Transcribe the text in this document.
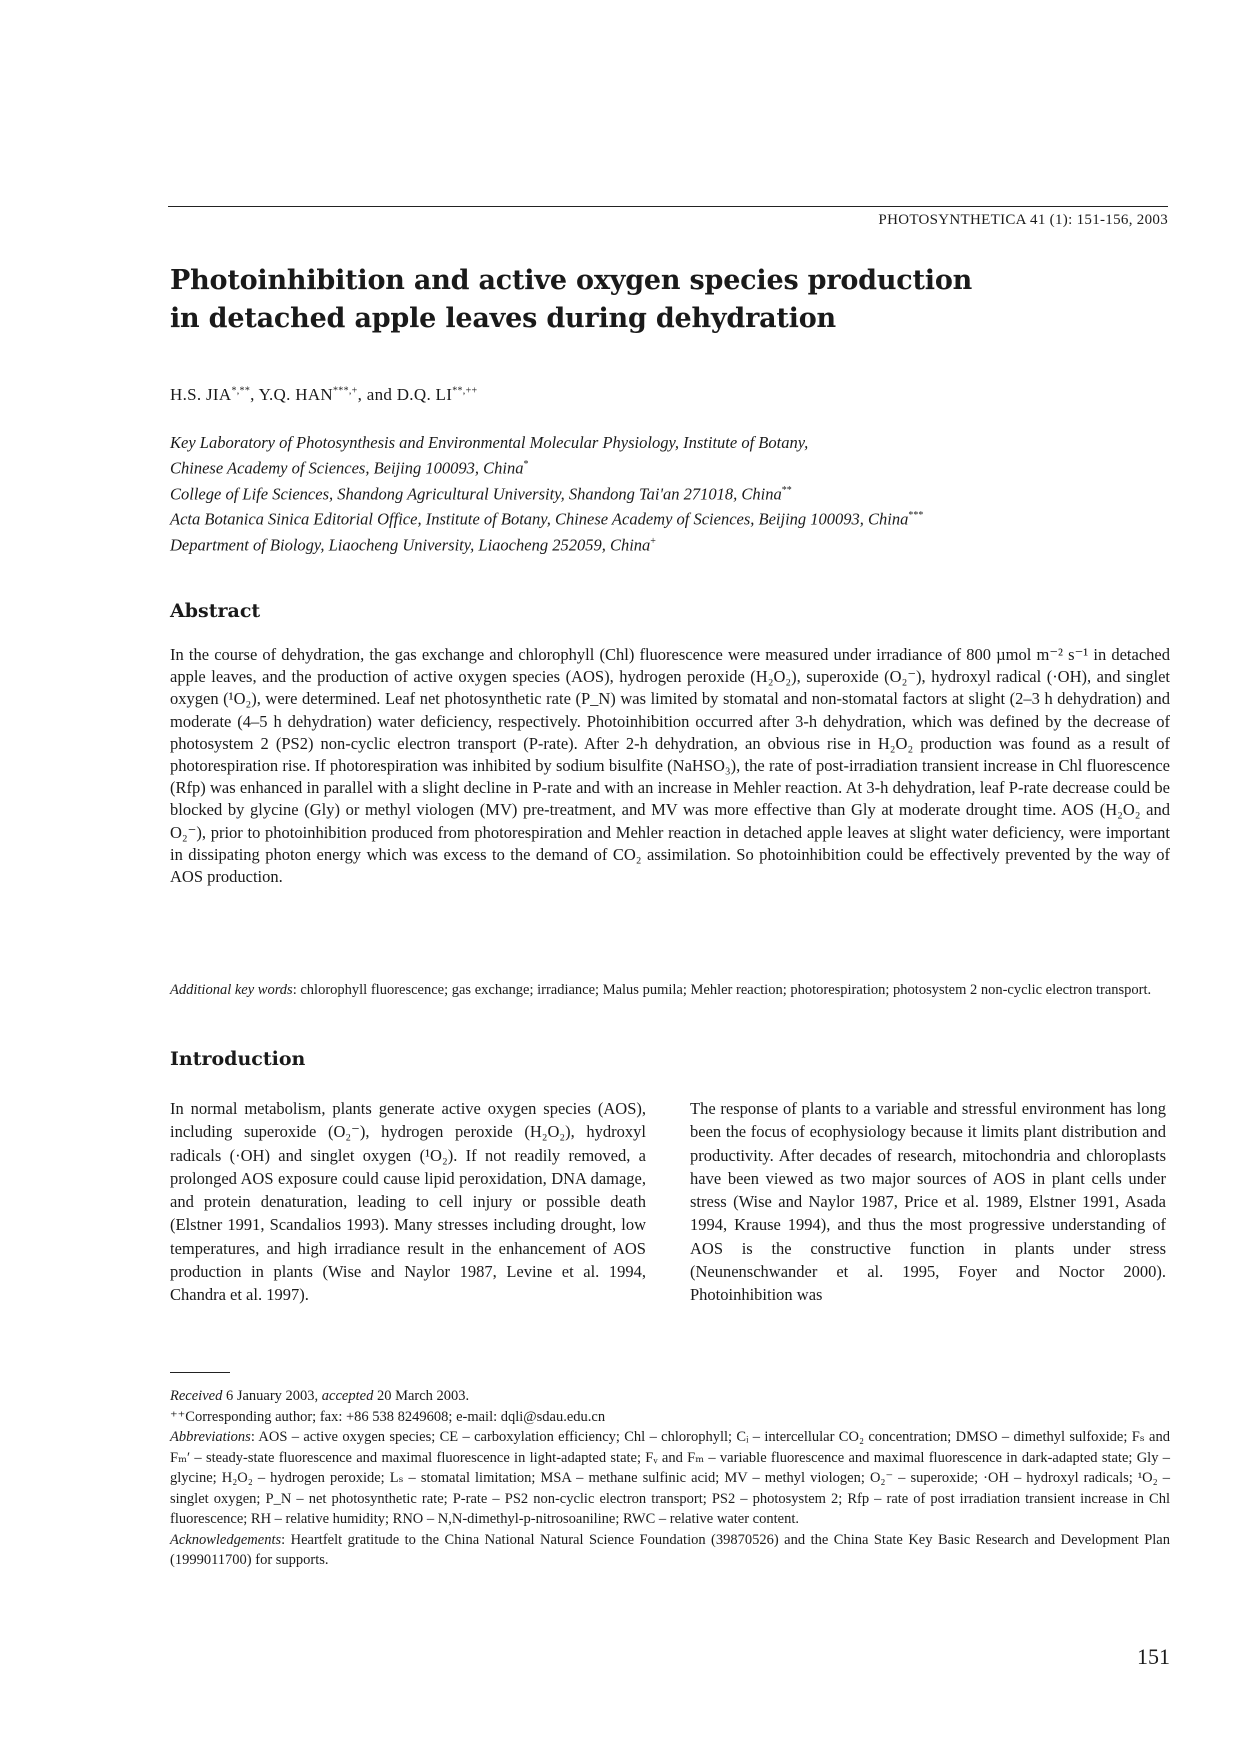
PHOTOSYNTHETICA 41 (1): 151-156, 2003
Photoinhibition and active oxygen species production
in detached apple leaves during dehydration
H.S. JIA*,**, Y.Q. HAN***,+, and D.Q. LI**,++
Key Laboratory of Photosynthesis and Environmental Molecular Physiology, Institute of Botany,
Chinese Academy of Sciences, Beijing 100093, China*
College of Life Sciences, Shandong Agricultural University, Shandong Tai'an 271018, China**
Acta Botanica Sinica Editorial Office, Institute of Botany, Chinese Academy of Sciences, Beijing 100093, China***
Department of Biology, Liaocheng University, Liaocheng 252059, China+
Abstract

In the course of dehydration, the gas exchange and chlorophyll (Chl) fluorescence were measured under irradiance of 800 µmol m⁻² s⁻¹ in detached apple leaves, and the production of active oxygen species (AOS), hydrogen peroxide (H₂O₂), superoxide (O₂⁻), hydroxyl radical (·OH), and singlet oxygen (¹O₂), were determined. Leaf net photosynthetic rate (P_N) was limited by stomatal and non-stomatal factors at slight (2–3 h dehydration) and moderate (4–5 h dehydration) water deficiency, respectively. Photoinhibition occurred after 3-h dehydration, which was defined by the decrease of photosystem 2 (PS2) non-cyclic electron transport (P-rate). After 2-h dehydration, an obvious rise in H₂O₂ production was found as a result of photorespiration rise. If photorespiration was inhibited by sodium bisulfite (NaHSO₃), the rate of post-irradiation transient increase in Chl fluorescence (Rfp) was enhanced in parallel with a slight decline in P-rate and with an increase in Mehler reaction. At 3-h dehydration, leaf P-rate decrease could be blocked by glycine (Gly) or methyl viologen (MV) pre-treatment, and MV was more effective than Gly at moderate drought time. AOS (H₂O₂ and O₂⁻), prior to photoinhibition produced from photorespiration and Mehler reaction in detached apple leaves at slight water deficiency, were important in dissipating photon energy which was excess to the demand of CO₂ assimilation. So photoinhibition could be effectively prevented by the way of AOS production.

Additional key words: chlorophyll fluorescence; gas exchange; irradiance; Malus pumila; Mehler reaction; photorespiration; photosystem 2 non-cyclic electron transport.

Introduction

In normal metabolism, plants generate active oxygen species (AOS), including superoxide (O₂⁻), hydrogen peroxide (H₂O₂), hydroxyl radicals (·OH) and singlet oxygen (¹O₂). If not readily removed, a prolonged AOS exposure could cause lipid peroxidation, DNA damage, and protein denaturation, leading to cell injury or possible death (Elstner 1991, Scandalios 1993). Many stresses including drought, low temperatures, and high irradiance result in the enhancement of AOS production in plants (Wise and Naylor 1987, Levine et al. 1994, Chandra et al. 1997).

The response of plants to a variable and stressful environment has long been the focus of ecophysiology because it limits plant distribution and productivity. After decades of research, mitochondria and chloroplasts have been viewed as two major sources of AOS in plant cells under stress (Wise and Naylor 1987, Price et al. 1989, Elstner 1991, Asada 1994, Krause 1994), and thus the most progressive understanding of AOS is the constructive function in plants under stress (Neunenschwander et al. 1995, Foyer and Noctor 2000). Photoinhibition was

Received 6 January 2003, accepted 20 March 2003.

⁺⁺Corresponding author; fax: +86 538 8249608; e-mail: dqli@sdau.edu.cn

Abbreviations: AOS – active oxygen species; CE – carboxylation efficiency; Chl – chlorophyll; Cᵢ – intercellular CO₂ concentration; DMSO – dimethyl sulfoxide; Fₛ and Fₘ′ – steady-state fluorescence and maximal fluorescence in light-adapted state; Fᵥ and Fₘ – variable fluorescence and maximal fluorescence in dark-adapted state; Gly – glycine; H₂O₂ – hydrogen peroxide; Lₛ – stomatal limitation; MSA – methane sulfinic acid; MV – methyl viologen; O₂⁻ – superoxide; ·OH – hydroxyl radicals; ¹O₂ – singlet oxygen; P_N – net photosynthetic rate; P-rate – PS2 non-cyclic electron transport; PS2 – photosystem 2; Rfp – rate of post irradiation transient increase in Chl fluorescence; RH – relative humidity; RNO – N,N-dimethyl-p-nitrosoaniline; RWC – relative water content.

Acknowledgements: Heartfelt gratitude to the China National Natural Science Foundation (39870526) and the China State Key Basic Research and Development Plan (1999011700) for supports.

151
